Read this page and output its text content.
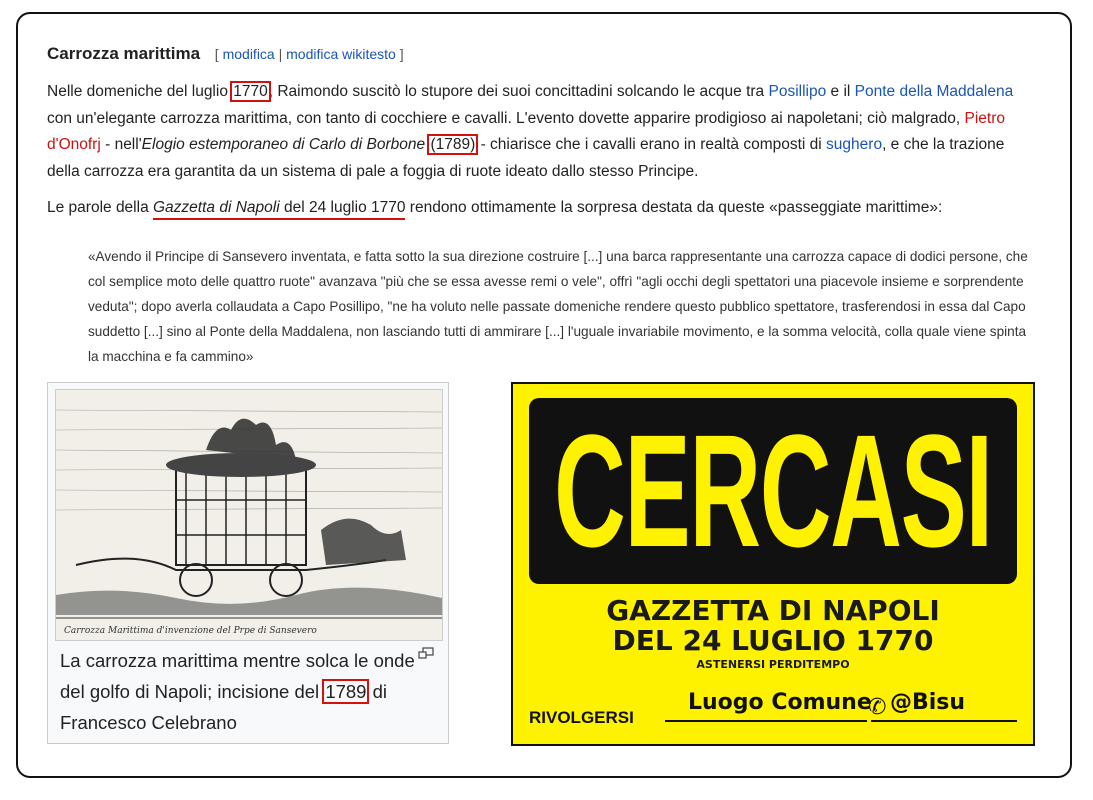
Carrozza marittima [ modifica | modifica wikitesto ]
Nelle domeniche del luglio 1770, Raimondo suscitò lo stupore dei suoi concittadini solcando le acque tra Posillipo e il Ponte della Maddalena con un'elegante carrozza marittima, con tanto di cocchiere e cavalli. L'evento dovette apparire prodigioso ai napoletani; ciò malgrado, Pietro d'Onofrj - nell'Elogio estemporaneo di Carlo di Borbone (1789) - chiarisce che i cavalli erano in realtà composti di sughero, e che la trazione della carrozza era garantita da un sistema di pale a foggia di ruote ideato dallo stesso Principe.
Le parole della Gazzetta di Napoli del 24 luglio 1770 rendono ottimamente la sorpresa destata da queste «passeggiate marittime»:
«Avendo il Principe di Sansevero inventata, e fatta sotto la sua direzione costruire [...] una barca rappresentante una carrozza capace di dodici persone, che col semplice moto delle quattro ruote" avanzava "più che se essa avesse remi o vele", offrì "agli occhi degli spettatori una piacevole insieme e sorprendente veduta"; dopo averla collaudata a Capo Posillipo, "ne ha voluto nelle passate domeniche rendere questo pubblico spettatore, trasferendosi in essa dal Capo suddetto [...] sino al Ponte della Maddalena, non lasciando tutti di ammirare [...] l'uguale invariabile movimento, e la somma velocità, colla quale viene spinta la macchina e fa cammino»
Carrozza Marittima d'invenzione del Prpe di Sansevero
La carrozza marittima mentre solca le onde del golfo di Napoli; incisione del 1789 di Francesco Celebrano
CERCASI
GAZZETTA DI NAPOLI
DEL 24 LUGLIO 1770
ASTENERSI PERDITEMPO
RIVOLGERSI
Luogo Comune
✆ @Bisu
